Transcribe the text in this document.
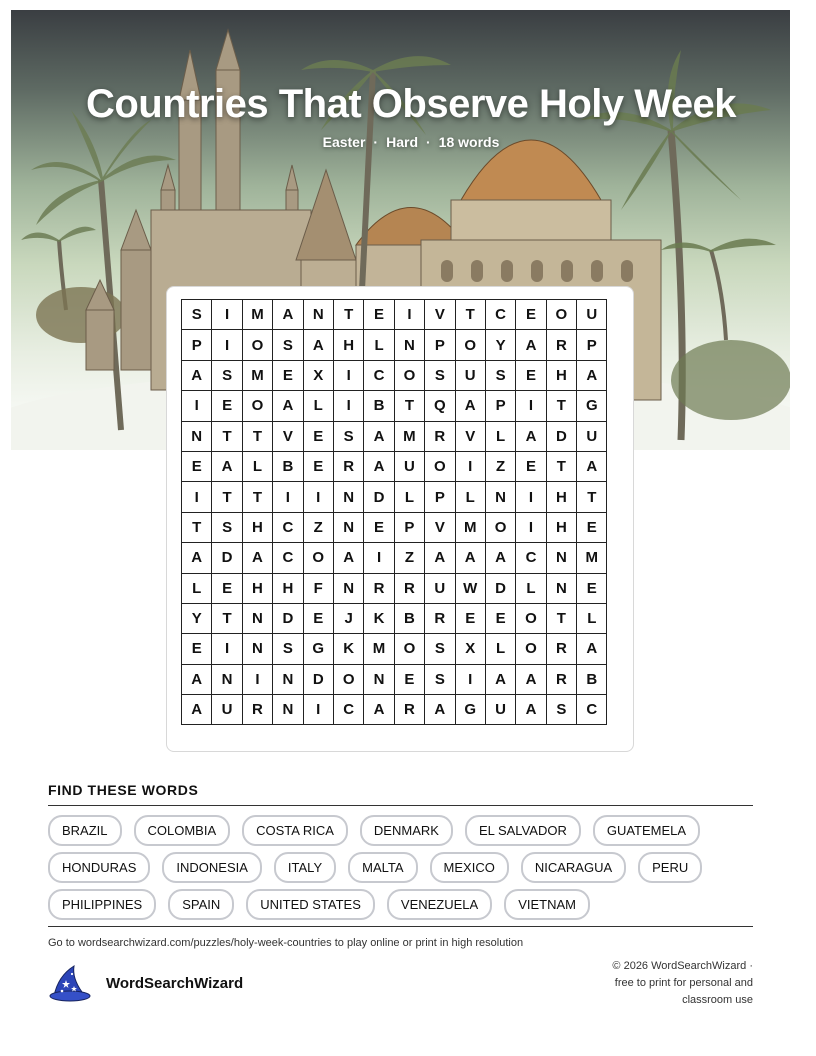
Countries That Observe Holy Week
Easter · Hard · 18 words
S	I	M	A	N	T	E	I	V	T	C	E	O	U
P	I	O	S	A	H	L	N	P	O	Y	A	R	P
A	S	M	E	X	I	C	O	S	U	S	E	H	A
I	E	O	A	L	I	B	T	Q	A	P	I	T	G
N	T	T	V	E	S	A	M	R	V	L	A	D	U
E	A	L	B	E	R	A	U	O	I	Z	E	T	A
I	T	T	I	I	N	D	L	P	L	N	I	H	T
T	S	H	C	Z	N	E	P	V	M	O	I	H	E
A	D	A	C	O	A	I	Z	A	A	A	C	N	M
L	E	H	H	F	N	R	R	U	W	D	L	N	E
Y	T	N	D	E	J	K	B	R	E	E	O	T	L
E	I	N	S	G	K	M	O	S	X	L	O	R	A
A	N	I	N	D	O	N	E	S	I	A	A	R	B
A	U	R	N	I	C	A	R	A	G	U	A	S	C
FIND THESE WORDS
BRAZIL	COLOMBIA	COSTA RICA	DENMARK	EL SALVADOR	GUATEMELA
HONDURAS	INDONESIA	ITALY	MALTA	MEXICO	NICARAGUA	PERU
PHILIPPINES	SPAIN	UNITED STATES	VENEZUELA	VIETNAM
Go to wordsearchwizard.com/puzzles/holy-week-countries to play online or print in high resolution
WordSearchWizard
© 2026 WordSearchWizard ·
free to print for personal and
classroom use
